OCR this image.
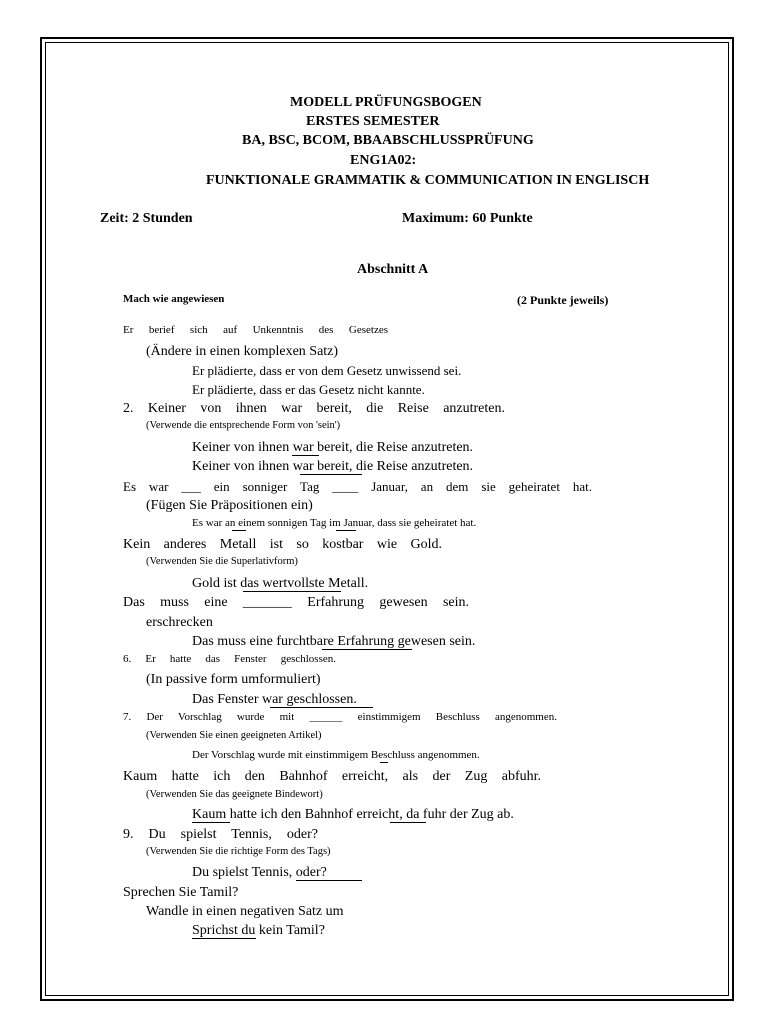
MODELL PRÜFUNGSBOGEN
ERSTES SEMESTER
BA, BSC, BCOM, BBAABSCHLUSSPRÜFUNG
ENG1A02:
FUNKTIONALE GRAMMATIK & COMMUNICATION IN ENGLISCH
Zeit: 2 Stunden	Maximum: 60 Punkte
Abschnitt A
Mach wie angewiesen	(2 Punkte jeweils)
Er berief sich auf Unkenntnis des Gesetzes
(Ändere in einen komplexen Satz)
Er plädierte, dass er von dem Gesetz unwissend sei.
Er plädierte, dass er das Gesetz nicht kannte.
2. Keiner von ihnen war bereit, die Reise anzutreten.
(Verwende die entsprechende Form von 'sein')
Keiner von ihnen war bereit, die Reise anzutreten.
Keiner von ihnen war bereit, die Reise anzutreten.
Es war ___ ein sonniger Tag ____ Januar, an dem sie geheiratet hat.
(Fügen Sie Präpositionen ein)
Es war an einem sonnigen Tag im Januar, dass sie geheiratet hat.
Kein anderes Metall ist so kostbar wie Gold.
(Verwenden Sie die Superlativform)
Gold ist das wertvollste Metall.
Das muss eine _______ Erfahrung gewesen sein.
erschrecken
Das muss eine furchtbare Erfahrung gewesen sein.
6. Er hatte das Fenster geschlossen.
(In passive form umformuliert)
Das Fenster war geschlossen.
7. Der Vorschlag wurde mit ______ einstimmigem Beschluss angenommen.
(Verwenden Sie einen geeigneten Artikel)
Der Vorschlag wurde mit einstimmigem Beschluss angenommen.
Kaum hatte ich den Bahnhof erreicht, als der Zug abfuhr.
(Verwenden Sie das geeignete Bindewort)
Kaum hatte ich den Bahnhof erreicht, da fuhr der Zug ab.
9. Du spielst Tennis, oder?
(Verwenden Sie die richtige Form des Tags)
Du spielst Tennis, oder?
Sprechen Sie Tamil?
Wandle in einen negativen Satz um
Sprichst du kein Tamil?
